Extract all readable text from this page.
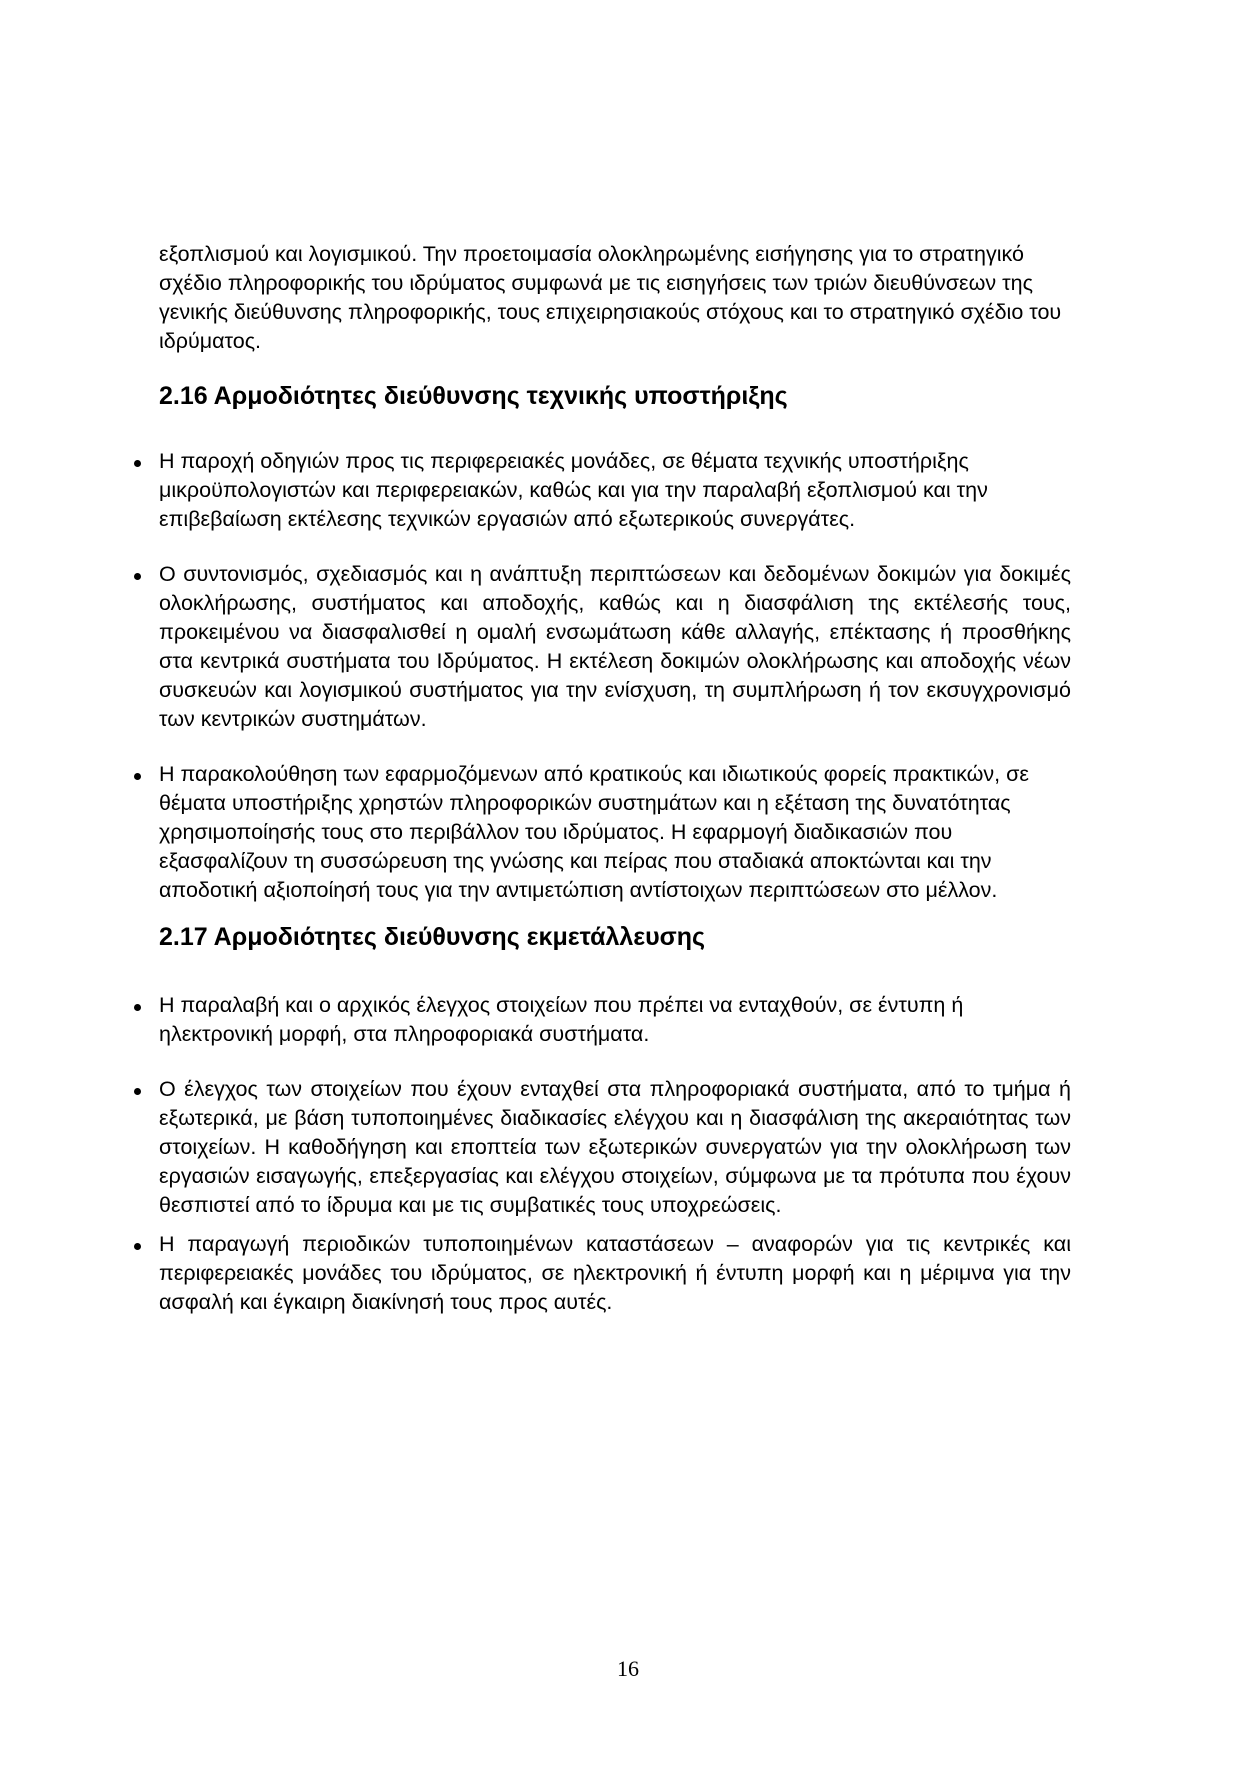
εξοπλισμού και λογισμικού. Την προετοιμασία ολοκληρωμένης εισήγησης για το στρατηγικό σχέδιο πληροφορικής του ιδρύματος συμφωνά με τις εισηγήσεις των τριών διευθύνσεων της γενικής διεύθυνσης πληροφορικής, τους επιχειρησιακούς στόχους και το στρατηγικό σχέδιο του ιδρύματος.

2.16 Αρμοδιότητες διεύθυνσης τεχνικής υποστήριξης

Η παροχή οδηγιών προς τις περιφερειακές μονάδες, σε θέματα τεχνικής υποστήριξης μικροϋπολογιστών και περιφερειακών, καθώς και για την παραλαβή εξοπλισμού και την επιβεβαίωση εκτέλεσης τεχνικών εργασιών από εξωτερικούς συνεργάτες.

Ο συντονισμός, σχεδιασμός και η ανάπτυξη περιπτώσεων και δεδομένων δοκιμών για δοκιμές ολοκλήρωσης, συστήματος και αποδοχής, καθώς και η διασφάλιση της εκτέλεσής τους, προκειμένου να διασφαλισθεί η ομαλή ενσωμάτωση κάθε αλλαγής, επέκτασης ή προσθήκης στα κεντρικά συστήματα του Ιδρύματος. Η εκτέλεση δοκιμών ολοκλήρωσης και αποδοχής νέων συσκευών και λογισμικού συστήματος για την ενίσχυση, τη συμπλήρωση ή τον εκσυγχρονισμό των κεντρικών συστημάτων.

Η παρακολούθηση των εφαρμοζόμενων από κρατικούς και ιδιωτικούς φορείς πρακτικών, σε θέματα υποστήριξης χρηστών πληροφορικών συστημάτων και η εξέταση της δυνατότητας χρησιμοποίησής τους στο περιβάλλον του ιδρύματος. Η εφαρμογή διαδικασιών που εξασφαλίζουν τη συσσώρευση της γνώσης και πείρας που σταδιακά αποκτώνται και την αποδοτική αξιοποίησή τους για την αντιμετώπιση αντίστοιχων περιπτώσεων στο μέλλον.

2.17 Αρμοδιότητες διεύθυνσης εκμετάλλευσης

Η παραλαβή και ο αρχικός έλεγχος στοιχείων που πρέπει να ενταχθούν, σε έντυπη ή ηλεκτρονική μορφή, στα πληροφοριακά συστήματα.

Ο έλεγχος των στοιχείων που έχουν ενταχθεί στα πληροφοριακά συστήματα, από το τμήμα ή εξωτερικά, με βάση τυποποιημένες διαδικασίες ελέγχου και η διασφάλιση της ακεραιότητας των στοιχείων. Η καθοδήγηση και εποπτεία των εξωτερικών συνεργατών για την ολοκλήρωση των εργασιών εισαγωγής, επεξεργασίας και ελέγχου στοιχείων, σύμφωνα με τα πρότυπα που έχουν θεσπιστεί από το ίδρυμα και με τις συμβατικές τους υποχρεώσεις.

Η παραγωγή περιοδικών τυποποιημένων καταστάσεων – αναφορών για τις κεντρικές και περιφερειακές μονάδες του ιδρύματος, σε ηλεκτρονική ή έντυπη μορφή και η μέριμνα για την ασφαλή και έγκαιρη διακίνησή τους προς αυτές.

16
